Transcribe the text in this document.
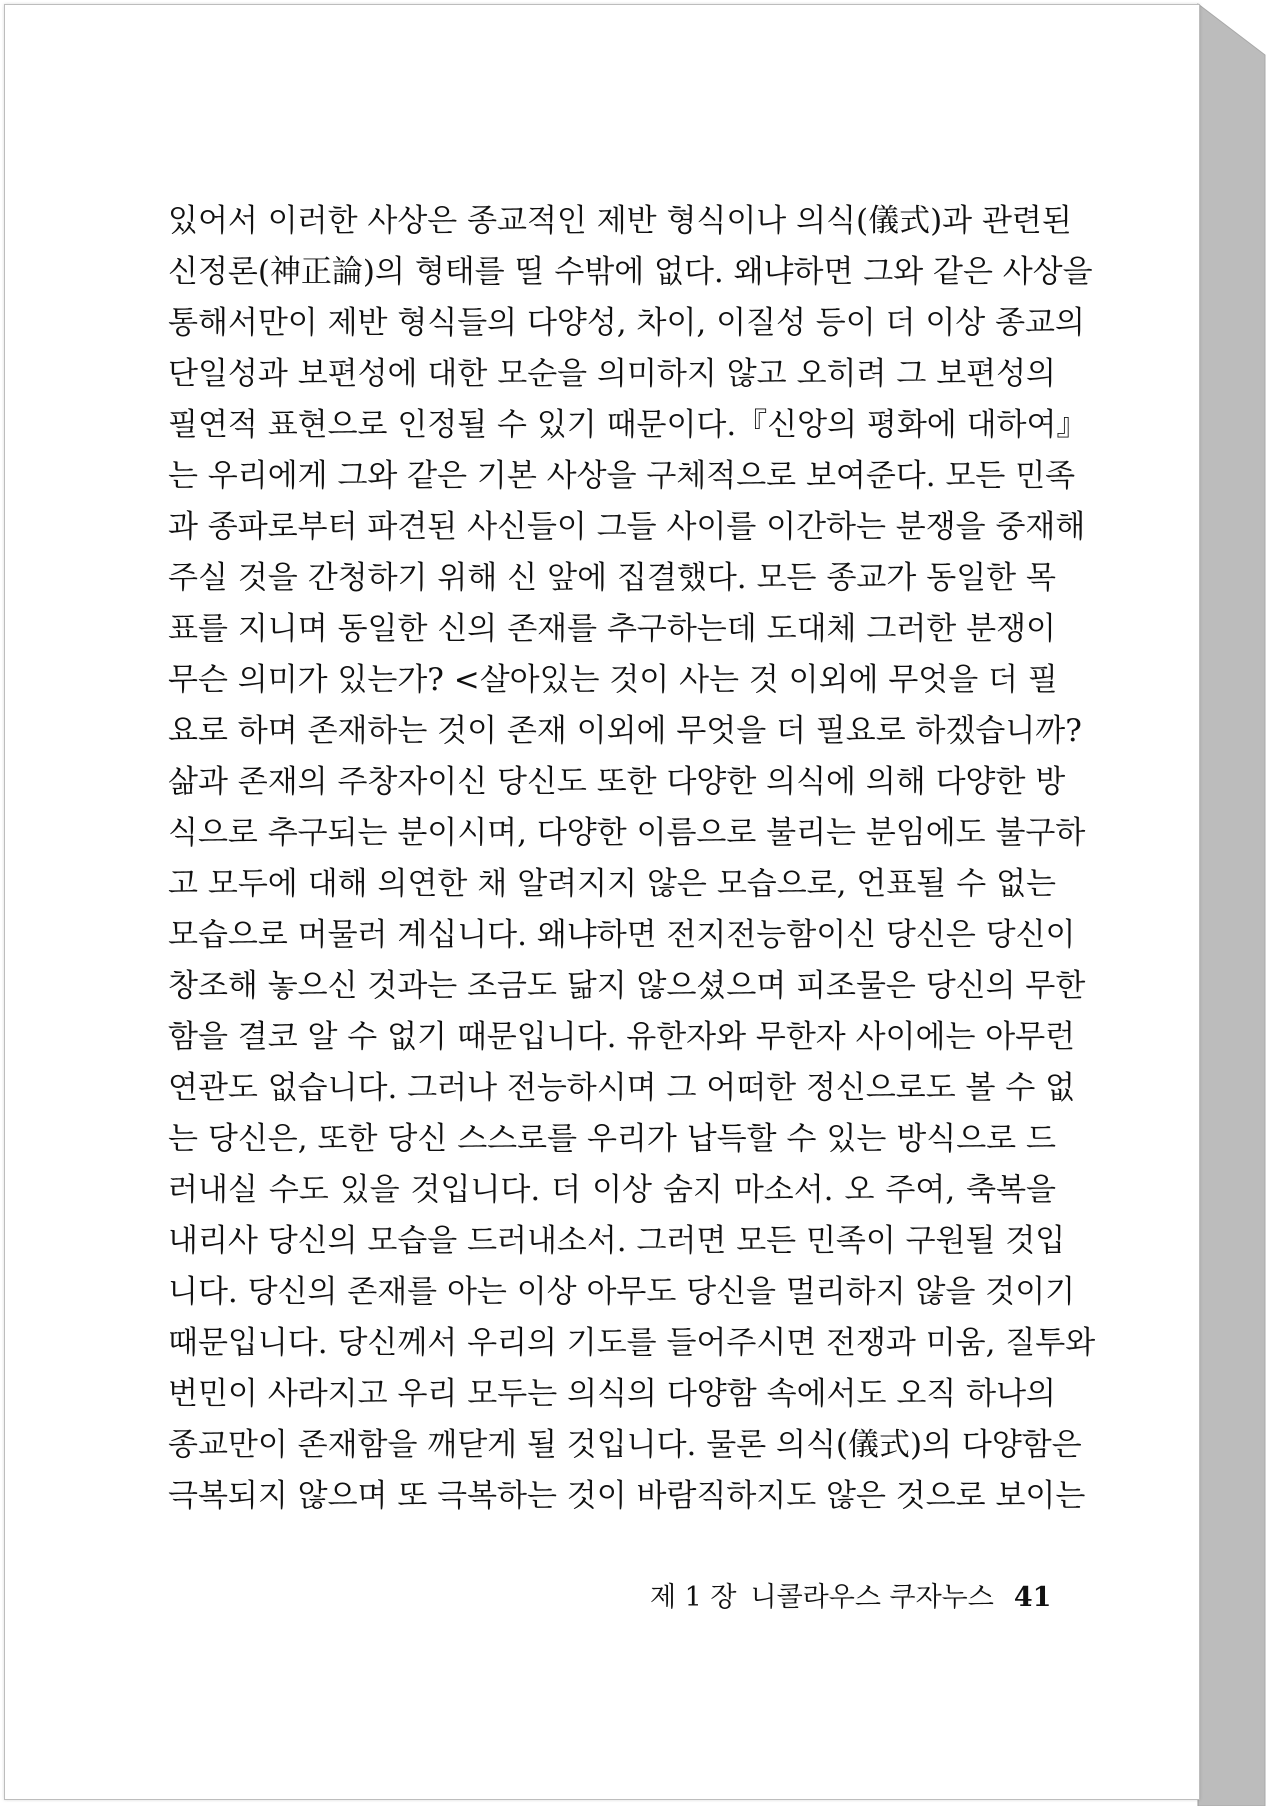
있어서 이러한 사상은 종교적인 제반 형식이나 의식(儀式)과 관련된
신정론(神正論)의 형태를 띨 수밖에 없다. 왜냐하면 그와 같은 사상을
통해서만이 제반 형식들의 다양성, 차이, 이질성 등이 더 이상 종교의
단일성과 보편성에 대한 모순을 의미하지 않고 오히려 그 보편성의
필연적 표현으로 인정될 수 있기 때문이다.『신앙의 평화에 대하여』
는 우리에게 그와 같은 기본 사상을 구체적으로 보여준다. 모든 민족
과 종파로부터 파견된 사신들이 그들 사이를 이간하는 분쟁을 중재해
주실 것을 간청하기 위해 신 앞에 집결했다. 모든 종교가 동일한 목
표를 지니며 동일한 신의 존재를 추구하는데 도대체 그러한 분쟁이
무슨 의미가 있는가? <살아있는 것이 사는 것 이외에 무엇을 더 필
요로 하며 존재하는 것이 존재 이외에 무엇을 더 필요로 하겠습니까?
삶과 존재의 주창자이신 당신도 또한 다양한 의식에 의해 다양한 방
식으로 추구되는 분이시며, 다양한 이름으로 불리는 분임에도 불구하
고 모두에 대해 의연한 채 알려지지 않은 모습으로, 언표될 수 없는
모습으로 머물러 계십니다. 왜냐하면 전지전능함이신 당신은 당신이
창조해 놓으신 것과는 조금도 닮지 않으셨으며 피조물은 당신의 무한
함을 결코 알 수 없기 때문입니다. 유한자와 무한자 사이에는 아무런
연관도 없습니다. 그러나 전능하시며 그 어떠한 정신으로도 볼 수 없
는 당신은, 또한 당신 스스로를 우리가 납득할 수 있는 방식으로 드
러내실 수도 있을 것입니다. 더 이상 숨지 마소서. 오 주여, 축복을
내리사 당신의 모습을 드러내소서. 그러면 모든 민족이 구원될 것입
니다. 당신의 존재를 아는 이상 아무도 당신을 멀리하지 않을 것이기
때문입니다. 당신께서 우리의 기도를 들어주시면 전쟁과 미움, 질투와
번민이 사라지고 우리 모두는 의식의 다양함 속에서도 오직 하나의
종교만이 존재함을 깨닫게 될 것입니다. 물론 의식(儀式)의 다양함은
극복되지 않으며 또 극복하는 것이 바람직하지도 않은 것으로 보이는
제 1 장 니콜라우스 쿠자누스 41
